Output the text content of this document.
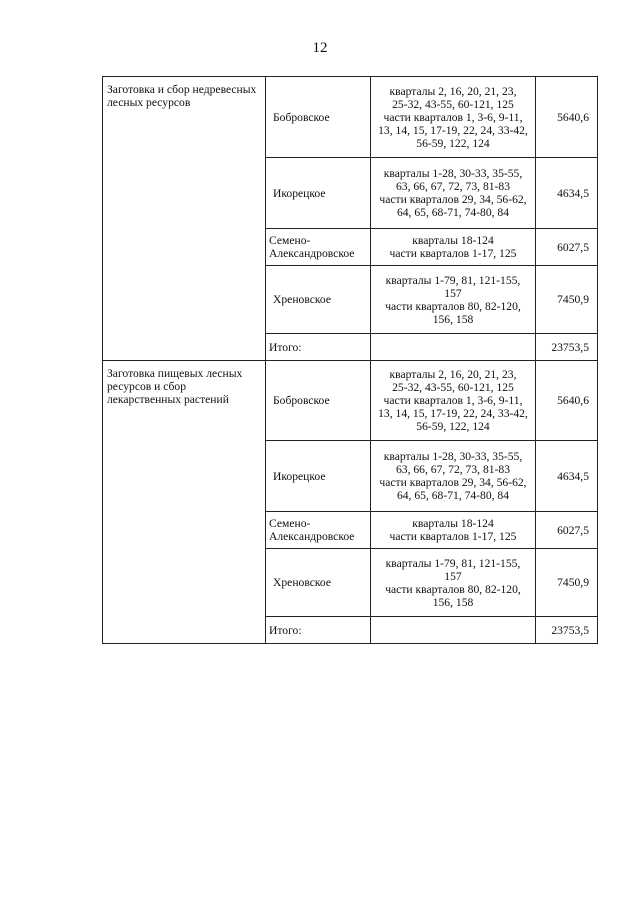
12
Заготовка и сбор недревесных лесных ресурсов	Бобровское	кварталы 2, 16, 20, 21, 23,
25-32, 43-55, 60-121, 125
части кварталов 1, 3-6, 9-11,
13, 14, 15, 17-19, 22, 24, 33-42,
56-59, 122, 124	5640,6
	Икорецкое	кварталы 1-28, 30-33, 35-55,
63, 66, 67, 72, 73, 81-83
части кварталов 29, 34, 56-62,
64, 65, 68-71, 74-80, 84	4634,5
	Семено-Александровское	кварталы 18-124
части кварталов 1-17, 125	6027,5
	Хреновское	кварталы 1-79, 81, 121-155,
157
части кварталов 80, 82-120,
156, 158	7450,9
	Итого:		23753,5
Заготовка пищевых лесных ресурсов и сбор лекарственных растений	Бобровское	кварталы 2, 16, 20, 21, 23,
25-32, 43-55, 60-121, 125
части кварталов 1, 3-6, 9-11,
13, 14, 15, 17-19, 22, 24, 33-42,
56-59, 122, 124	5640,6
	Икорецкое	кварталы 1-28, 30-33, 35-55,
63, 66, 67, 72, 73, 81-83
части кварталов 29, 34, 56-62,
64, 65, 68-71, 74-80, 84	4634,5
	Семено-Александровское	кварталы 18-124
части кварталов 1-17, 125	6027,5
	Хреновское	кварталы 1-79, 81, 121-155,
157
части кварталов 80, 82-120,
156, 158	7450,9
	Итого:		23753,5
